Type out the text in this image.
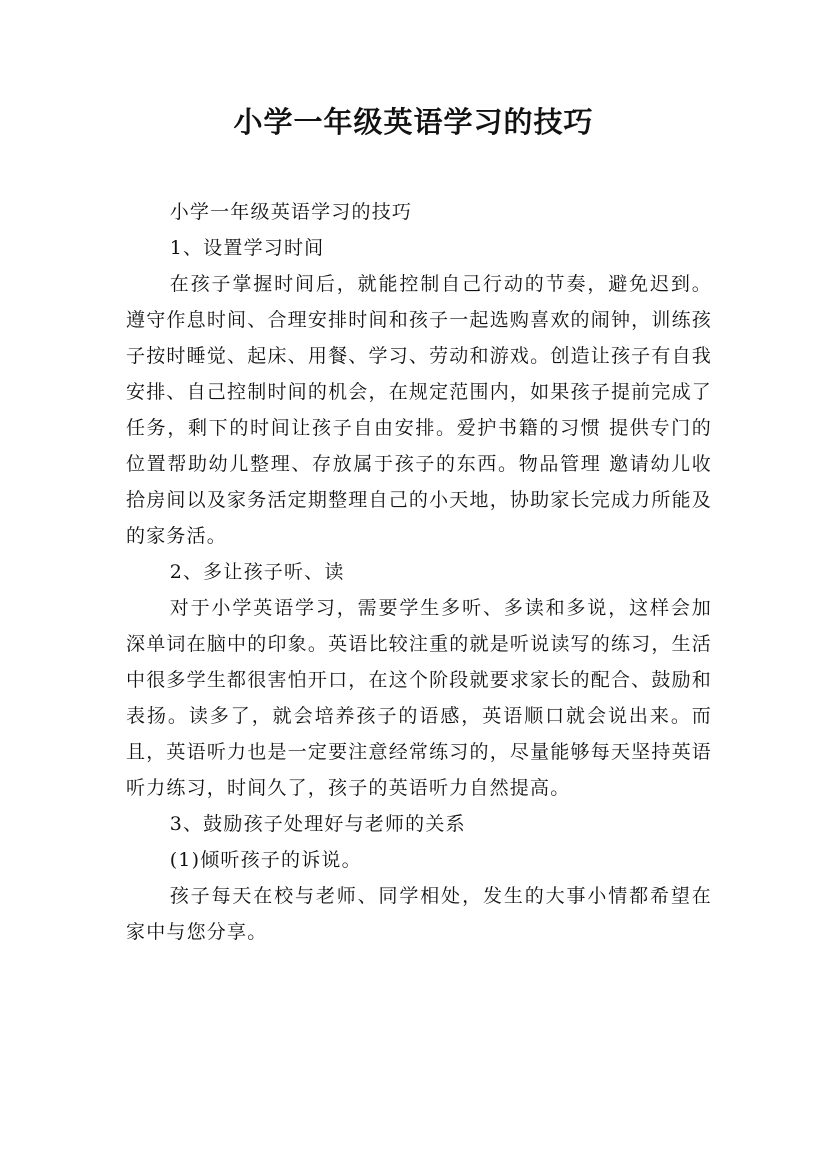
小学一年级英语学习的技巧

小学一年级英语学习的技巧

1、设置学习时间

在孩子掌握时间后，就能控制自己行动的节奏，避免迟到。遵守作息时间、合理安排时间和孩子一起选购喜欢的闹钟，训练孩子按时睡觉、起床、用餐、学习、劳动和游戏。创造让孩子有自我安排、自己控制时间的机会，在规定范围内，如果孩子提前完成了任务，剩下的时间让孩子自由安排。爱护书籍的习惯 提供专门的位置帮助幼儿整理、存放属于孩子的东西。物品管理 邀请幼儿收拾房间以及家务活定期整理自己的小天地，协助家长完成力所能及的家务活。

2、多让孩子听、读

对于小学英语学习，需要学生多听、多读和多说，这样会加深单词在脑中的印象。英语比较注重的就是听说读写的练习，生活中很多学生都很害怕开口，在这个阶段就要求家长的配合、鼓励和表扬。读多了，就会培养孩子的语感，英语顺口就会说出来。而且，英语听力也是一定要注意经常练习的，尽量能够每天坚持英语听力练习，时间久了，孩子的英语听力自然提高。

3、鼓励孩子处理好与老师的关系

(1)倾听孩子的诉说。

孩子每天在校与老师、同学相处，发生的大事小情都希望在家中与您分享。
